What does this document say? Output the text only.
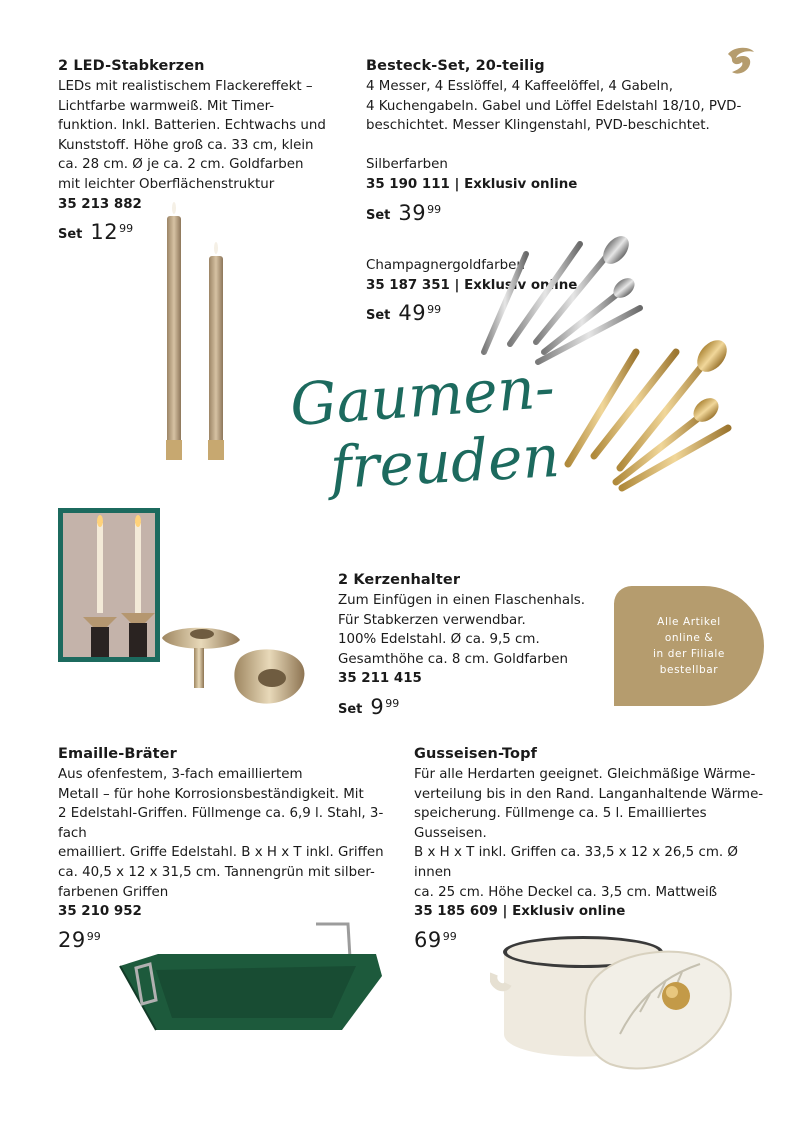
2 LED-Stabkerzen

LEDs mit realistischem Flackereffekt –
Lichtfarbe warmweiß. Mit Timer-
funktion. Inkl. Batterien. Echtwachs und
Kunststoff. Höhe groß ca. 33 cm, klein
ca. 28 cm. Ø je ca. 2 cm. Goldfarben
mit leichter Oberflächenstruktur

35 213 882
Set 12 99
Besteck-Set, 20-teilig

4 Messer, 4 Esslöffel, 4 Kaffeelöffel, 4 Gabeln,
4 Kuchengabeln. Gabel und Löffel Edelstahl 18/10, PVD-
beschichtet. Messer Klingenstahl, PVD-beschichtet.

Silberfarben
35 190 111 | Exklusiv online

Set 39 99

Champagnergoldfarben
35 187 351 | Exklusiv online

Set 49 99
Gaumen-
freuden
2 Kerzenhalter

Zum Einfügen in einen Flaschenhals.
Für Stabkerzen verwendbar.
100% Edelstahl. Ø ca. 9,5 cm.
Gesamthöhe ca. 8 cm. Goldfarben

35 211 415
Set 9 99
Alle Artikel
online &
in der Filiale
bestellbar
Emaille-Bräter

Aus ofenfestem, 3-fach emailliertem
Metall – für hohe Korrosionsbeständigkeit. Mit
2 Edelstahl-Griffen. Füllmenge ca. 6,9 l. Stahl, 3-fach
emailliert. Griffe Edelstahl. B x H x T inkl. Griffen
ca. 40,5 x 12 x 31,5 cm. Tannengrün mit silber-
farbenen Griffen

35 210 952
29 99
Gusseisen-Topf

Für alle Herdarten geeignet. Gleichmäßige Wärme-
verteilung bis in den Rand. Langanhaltende Wärme-
speicherung. Füllmenge ca. 5 l. Emailliertes Gusseisen.
B x H x T inkl. Griffen ca. 33,5 x 12 x 26,5 cm. Ø innen
ca. 25 cm. Höhe Deckel ca. 3,5 cm. Mattweiß

35 185 609 | Exklusiv online
69 99
